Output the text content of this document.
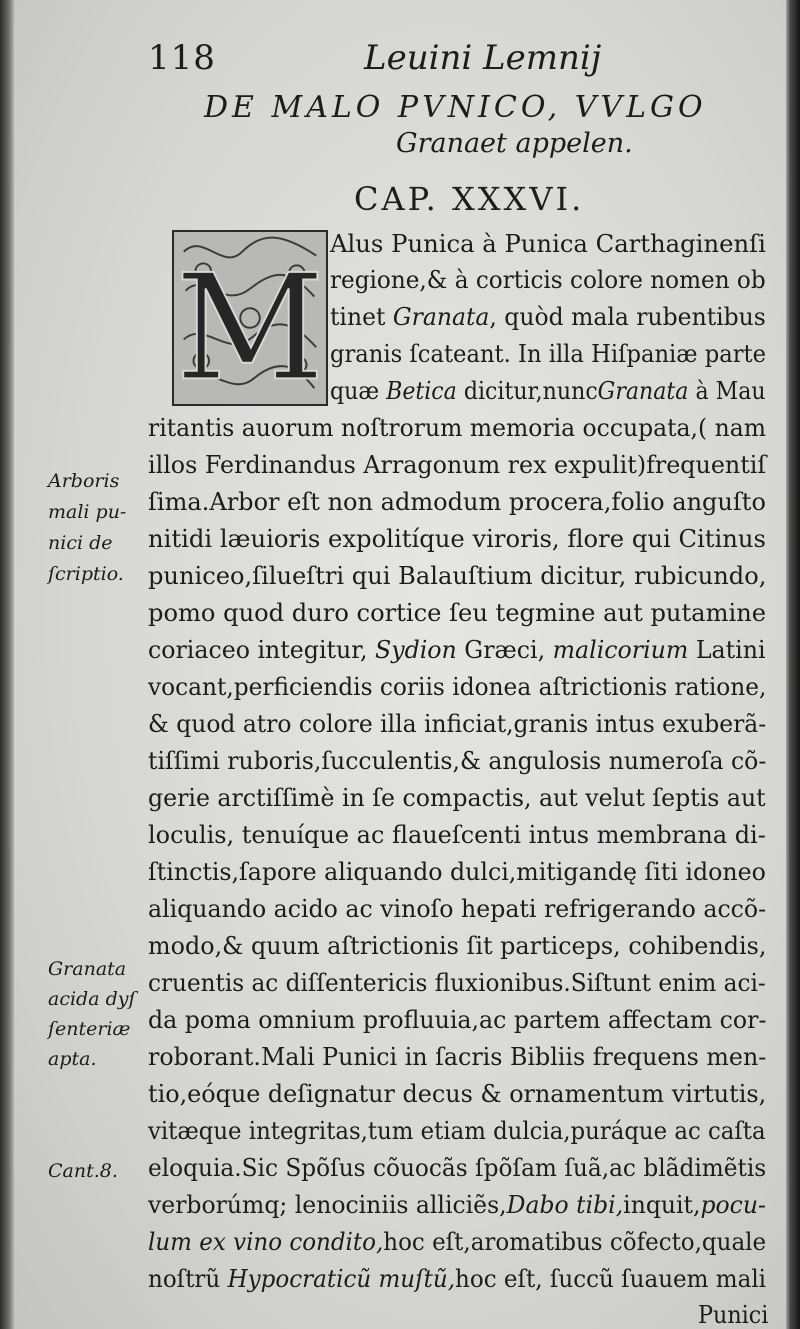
118	Leuini Lemnij
DE MALO PVNICO, VVLGO
Granaet appelen.
CAP. XXXVI.
M Alus Punica à Punica Carthaginenſi
regione,& à corticis colore nomen ob
tinet Granata, quòd mala rubentibus
granis ſcateant. In illa Hiſpaniæ parte
quæ Betica dicitur,nuncGranata à Mau
ritantis auorum noſtrorum memoria occupata,( nam
illos Ferdinandus Arragonum rex expulit)frequentiſ
ſima.Arbor eſt non admodum procera,folio anguſto
nitidi læuioris expolitíque viroris, flore qui Citinus
puniceo,ſilueſtri qui Balauſtium dicitur, rubicundo,
pomo quod duro cortice ſeu tegmine aut putamine
coriaceo integitur, Sydion Græci, malicorium Latini
vocant,perficiendis coriis idonea aſtrictionis ratione,
& quod atro colore illa inficiat,granis intus exuberã-
tiſſimi ruboris,ſucculentis,& angulosis numeroſa cõ-
gerie arctiſſimè in ſe compactis, aut velut ſeptis aut
loculis, tenuíque ac flaueſcenti intus membrana di-
ſtinctis,ſapore aliquando dulci,mitigandę ſiti idoneo
aliquando acido ac vinoſo hepati refrigerando accõ-
modo,& quum aſtrictionis ſit particeps, cohibendis,
cruentis ac diſſentericis fluxionibus.Siſtunt enim aci-
da poma omnium profluuia,ac partem affectam cor-
roborant.Mali Punici in ſacris Bibliis frequens men-
tio,eóque deſignatur decus & ornamentum virtutis,
vitæque integritas,tum etiam dulcia,puráque ac caſta
eloquia.Sic Spõſus cõuocãs ſpõſam ſuã,ac blãdimẽtis
verborúmq; lenociniis alliciẽs,Dabo tibi,inquit,pocu-
lum ex vino condito,hoc eſt,aromatibus cõfecto,quale
noſtrũ Hypocraticũ muſtũ,hoc eſt, ſuccũ ſuauem mali
Punici
Arboris
mali pu-
nici de
ſcriptio.
Granata
acida dyſ
ſenteriæ
apta.
Cant.8.
